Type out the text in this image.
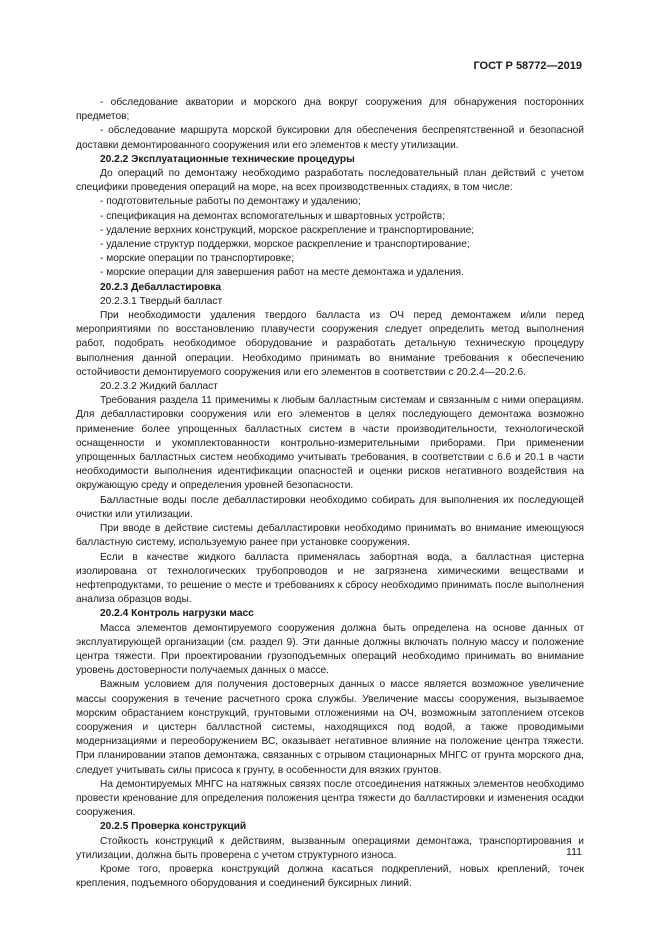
ГОСТ Р 58772—2019

- обследование акватории и морского дна вокруг сооружения для обнаружения посторонних предметов;

- обследование маршрута морской буксировки для обеспечения беспрепятственной и безопасной доставки демонтированного сооружения или его элементов к месту утилизации.

20.2.2 Эксплуатационные технические процедуры

До операций по демонтажу необходимо разработать последовательный план действий с учетом специфики проведения операций на море, на всех производственных стадиях, в том числе:

- подготовительные работы по демонтажу и удалению;

- спецификация на демонтах вспомогательных и швартовных устройств;

- удаление верхних конструкций, морское раскрепление и транспортирование;

- удаление структур поддержки, морское раскрепление и транспортирование;

- морские операции по транспортировке;

- морские операции для завершения работ на месте демонтажа и удаления.

20.2.3 Дебалластировка

20.2.3.1 Твердый балласт

При необходимости удаления твердого балласта из ОЧ перед демонтажем и/или перед мероприятиями по восстановлению плавучести сооружения следует определить метод выполнения работ, подобрать необходимое оборудование и разработать детальную техническую процедуру выполнения данной операции. Необходимо принимать во внимание требования к обеспечению остойчивости демонтируемого сооружения или его элементов в соответствии с 20.2.4—20.2.6.

20.2.3.2 Жидкий балласт

Требования раздела 11 применимы к любым балластным системам и связанным с ними операциям. Для дебалластировки сооружения или его элементов в целях последующего демонтажа возможно применение более упрощенных балластных систем в части производительности, технологической оснащенности и укомплектованности контрольно-измерительными приборами. При применении упрощенных балластных систем необходимо учитывать требования, в соответствии с 6.6 и 20.1 в части необходимости выполнения идентификации опасностей и оценки рисков негативного воздействия на окружающую среду и определения уровней безопасности.

Балластные воды после дебалластировки необходимо собирать для выполнения их последующей очистки или утилизации.

При вводе в действие системы дебалластировки необходимо принимать во внимание имеющуюся балластную систему, используемую ранее при установке сооружения.

Если в качестве жидкого балласта применялась забортная вода, а балластная цистерна изолирована от технологических трубопроводов и не загрязнена химическими веществами и нефтепродуктами, то решение о месте и требованиях к сбросу необходимо принимать после выполнения анализа образцов воды.

20.2.4 Контроль нагрузки масс

Масса элементов демонтируемого сооружения должна быть определена на основе данных от эксплуатирующей организации (см. раздел 9). Эти данные должны включать полную массу и положение центра тяжести. При проектировании грузоподъемных операций необходимо принимать во внимание уровень достоверности получаемых данных о массе.

Важным условием для получения достоверных данных о массе является возможное увеличение массы сооружения в течение расчетного срока службы. Увеличение массы сооружения, вызываемое морским обрастанием конструкций, грунтовыми отложениями на ОЧ, возможным затоплением отсеков сооружения и цистерн балластной системы, находящихся под водой, а также проводимыми модернизациями и переоборужением ВС, оказывает негативное влияние на положение центра тяжести. При планировании этапов демонтажа, связанных с отрывом стационарных МНГС от грунта морского дна, следует учитывать силы присоса к грунту, в особенности для вязких грунтов.

На демонтируемых МНГС на натяжных связях после отсоединения натяжных элементов необходимо провести кренование для определения положения центра тяжести до балластировки и изменения осадки сооружения.

20.2.5 Проверка конструкций

Стойкость конструкций к действиям, вызванным операциями демонтажа, транспортирования и утилизации, должна быть проверена с учетом структурного износа.

Кроме того, проверка конструкций должна касаться подкреплений, новых креплений, точек крепления, подъемного оборудования и соединений буксирных линий.

111
